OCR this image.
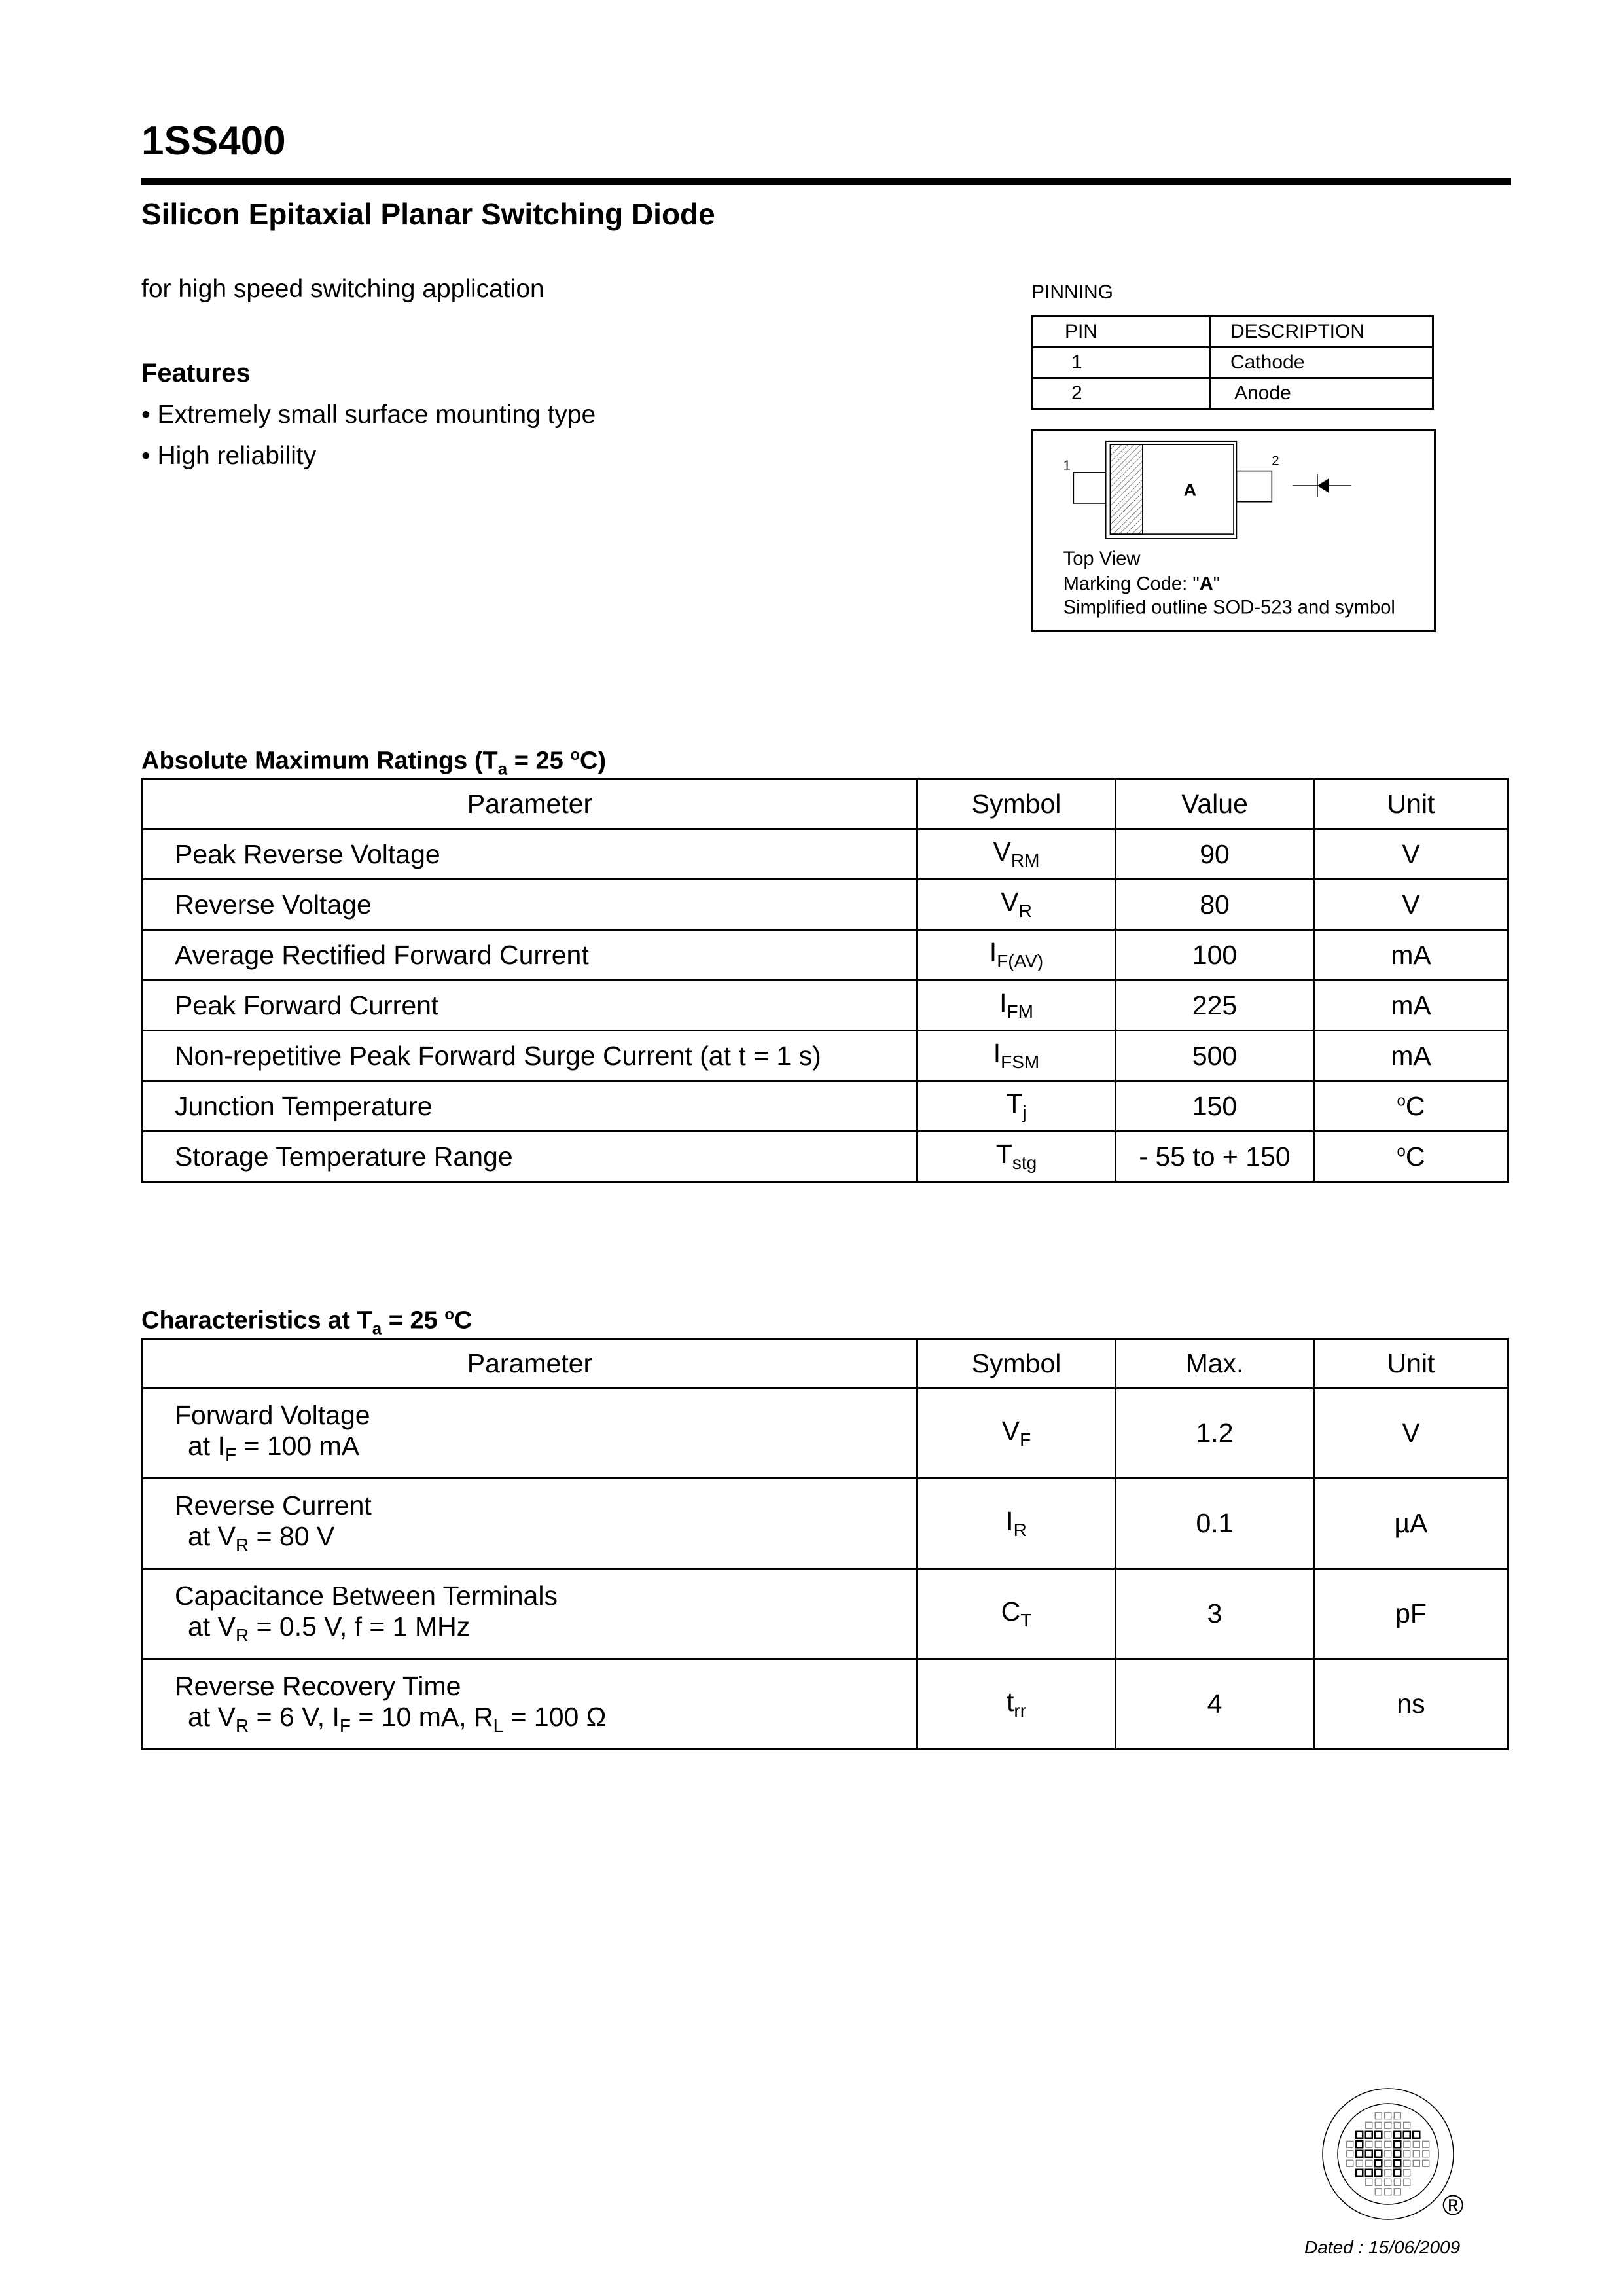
1SS400
Silicon Epitaxial Planar Switching Diode
for high speed switching application
Features
• Extremely small surface mounting type
• High reliability
PINNING
PIN	DESCRIPTION
1	Cathode
2	Anode
1	2
A
Top View
Marking Code: "A"
Simplified outline SOD-523 and symbol
Absolute Maximum Ratings ($T_a = 25$ $^o$C)
Parameter	Symbol	Value	Unit
Peak Reverse Voltage	$V_{RM}$	90	V
Reverse Voltage	$V_R$	80	V
Average Rectified Forward Current	$I_{F(AV)}$	100	mA
Peak Forward Current	$I_{FM}$	225	mA
Non-repetitive Peak Forward Surge Current (at t = 1 s)	$I_{FSM}$	500	mA
Junction Temperature	$T_j$	150	$^o$C
Storage Temperature Range	$T_{stg}$	- 55 to + 150	$^o$C
Characteristics at $T_a = 25$ $^o$C
Parameter	Symbol	Max.	Unit

Forward Voltage
at $I_F = 100$ mA	$V_F$	1.2	V

Reverse Current
at $V_R = 80$ V	$I_R$	0.1	µA

Capacitance Between Terminals
at $V_R = 0.5$ V, f = 1 MHz	$C_T$	3	pF

Reverse Recovery Time
at $V_R = 6$ V, $I_F = 10$ mA, $R_L = 100$ Ω	$t_{rr}$	4	ns
®
Dated : 15/06/2009
